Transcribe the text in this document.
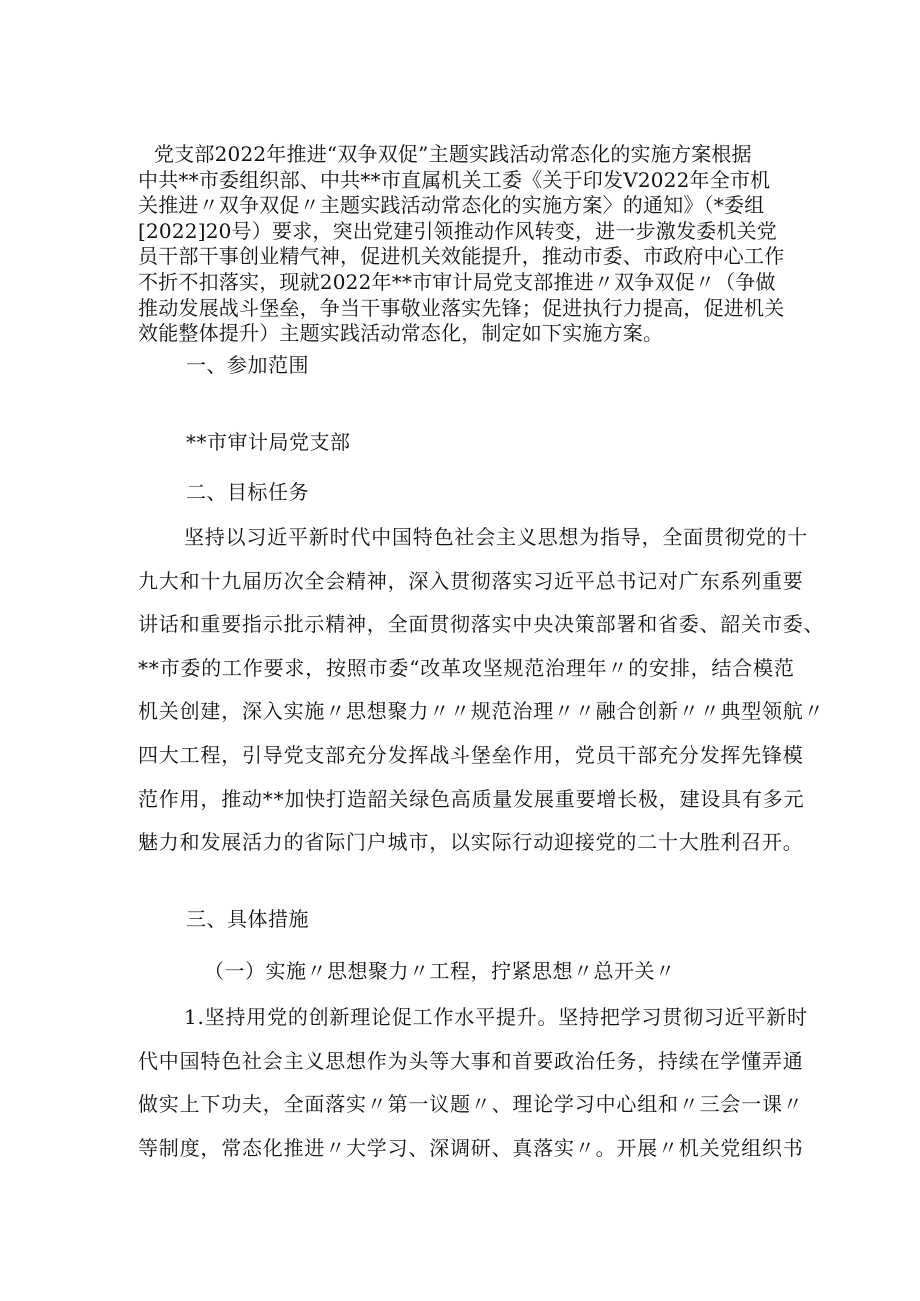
党支部2022年推进“双争双促”主题实践活动常态化的实施方案根据
中共**市委组织部、中共**市直属机关工委《关于印发V2022年全市机
关推进〃双争双促〃主题实践活动常态化的实施方案〉的通知》（*委组
[2022]20号）要求，突出党建引领推动作风转变，进一步激发委机关党
员干部干事创业精气神，促进机关效能提升，推动市委、市政府中心工作
不折不扣落实，现就2022年**市审计局党支部推进〃双争双促〃（争做
推动发展战斗堡垒，争当干事敬业落实先锋；促进执行力提高，促进机关
效能整体提升）主题实践活动常态化，制定如下实施方案。

一、参加范围

**市审计局党支部

二、目标任务

坚持以习近平新时代中国特色社会主义思想为指导，全面贯彻党的十
九大和十九届历次全会精神，深入贯彻落实习近平总书记对广东系列重要
讲话和重要指示批示精神，全面贯彻落实中央决策部署和省委、韶关市委、
**市委的工作要求，按照市委“改革攻坚规范治理年〃的安排，结合模范
机关创建，深入实施〃思想聚力〃〃规范治理〃〃融合创新〃〃典型领航〃
四大工程，引导党支部充分发挥战斗堡垒作用，党员干部充分发挥先锋模
范作用，推动**加快打造韶关绿色高质量发展重要增长极，建设具有多元
魅力和发展活力的省际门户城市，以实际行动迎接党的二十大胜利召开。

三、具体措施

（一）实施〃思想聚力〃工程，拧紧思想〃总开关〃

1.坚持用党的创新理论促工作水平提升。坚持把学习贯彻习近平新时
代中国特色社会主义思想作为头等大事和首要政治任务，持续在学懂弄通
做实上下功夫，全面落实〃第一议题〃、理论学习中心组和〃三会一课〃
等制度，常态化推进〃大学习、深调研、真落实〃。开展〃机关党组织书
